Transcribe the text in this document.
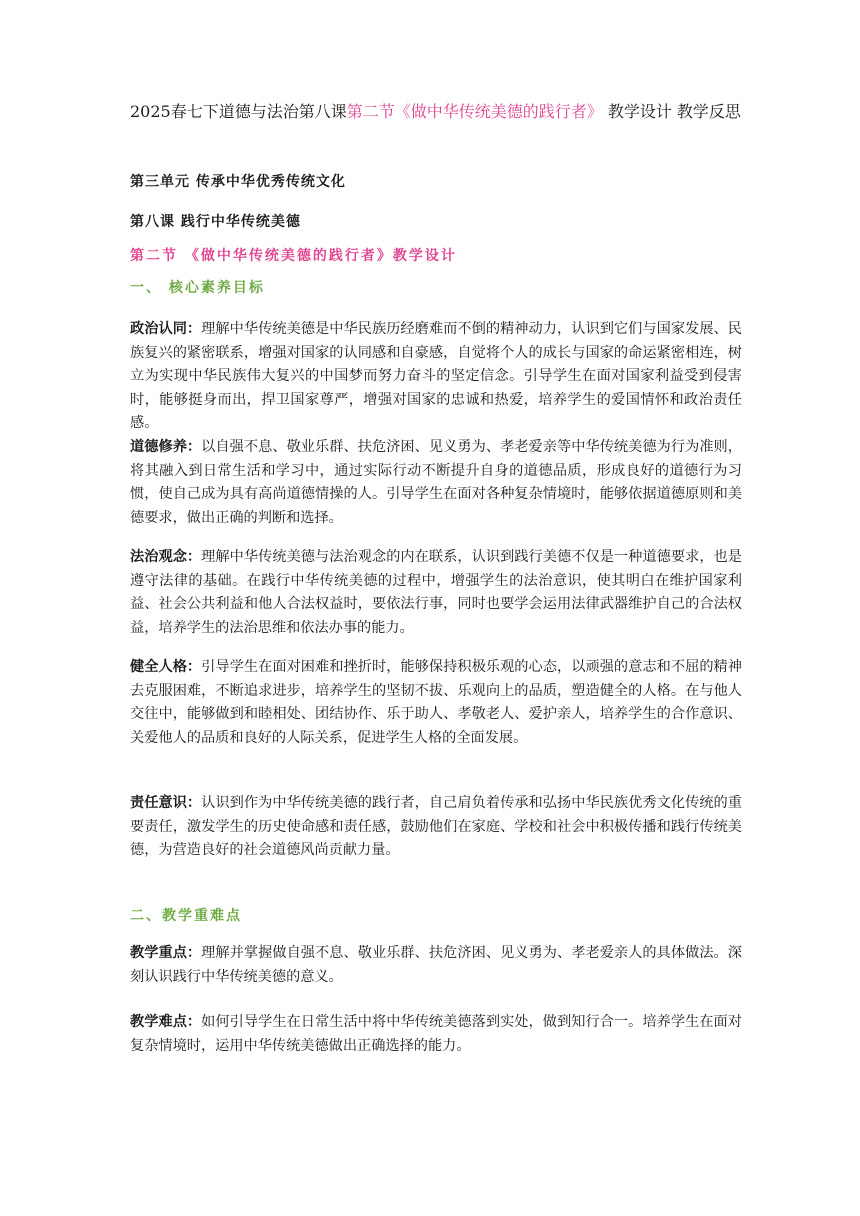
2025春七下道德与法治第八课第二节《做中华传统美德的践行者》 教学设计 教学反思
第三单元 传承中华优秀传统文化
第八课 践行中华传统美德
第二节 《做中华传统美德的践行者》教学设计
一、 核心素养目标

政治认同：理解中华传统美德是中华民族历经磨难而不倒的精神动力，认识到它们与国家发展、民族复兴的紧密联系，增强对国家的认同感和自豪感，自觉将个人的成长与国家的命运紧密相连，树立为实现中华民族伟大复兴的中国梦而努力奋斗的坚定信念。引导学生在面对国家利益受到侵害时，能够挺身而出，捍卫国家尊严，增强对国家的忠诚和热爱，培养学生的爱国情怀和政治责任感。

道德修养：以自强不息、敬业乐群、扶危济困、见义勇为、孝老爱亲等中华传统美德为行为准则，将其融入到日常生活和学习中，通过实际行动不断提升自身的道德品质，形成良好的道德行为习惯，使自己成为具有高尚道德情操的人。引导学生在面对各种复杂情境时，能够依据道德原则和美德要求，做出正确的判断和选择。

法治观念：理解中华传统美德与法治观念的内在联系，认识到践行美德不仅是一种道德要求，也是遵守法律的基础。在践行中华传统美德的过程中，增强学生的法治意识，使其明白在维护国家利益、社会公共利益和他人合法权益时，要依法行事，同时也要学会运用法律武器维护自己的合法权益，培养学生的法治思维和依法办事的能力。

健全人格：引导学生在面对困难和挫折时，能够保持积极乐观的心态，以顽强的意志和不屈的精神去克服困难，不断追求进步，培养学生的坚韧不拔、乐观向上的品质，塑造健全的人格。在与他人交往中，能够做到和睦相处、团结协作、乐于助人、孝敬老人、爱护亲人，培养学生的合作意识、关爱他人的品质和良好的人际关系，促进学生人格的全面发展。

责任意识：认识到作为中华传统美德的践行者，自己肩负着传承和弘扬中华民族优秀文化传统的重要责任，激发学生的历史使命感和责任感，鼓励他们在家庭、学校和社会中积极传播和践行传统美德，为营造良好的社会道德风尚贡献力量。

二、教学重难点

教学重点：理解并掌握做自强不息、敬业乐群、扶危济困、见义勇为、孝老爱亲人的具体做法。深刻认识践行中华传统美德的意义。

教学难点：如何引导学生在日常生活中将中华传统美德落到实处，做到知行合一。培养学生在面对复杂情境时，运用中华传统美德做出正确选择的能力。
